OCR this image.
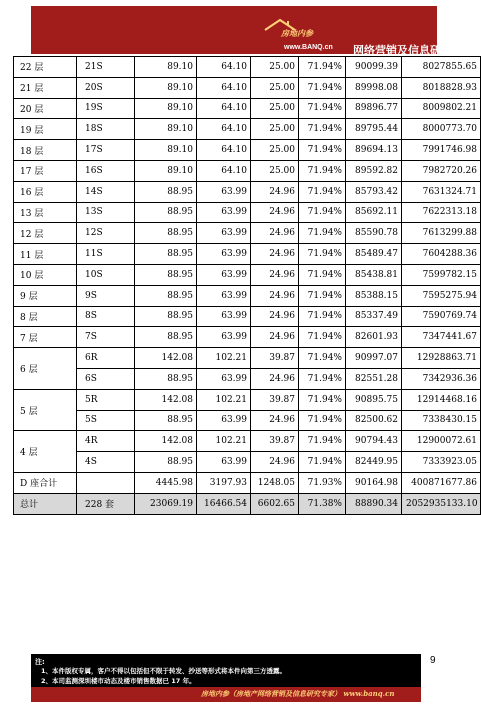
房地内参
www.BANQ.cn 网络营销及信息研究专家
22 层	21S	89.10	64.10	25.00	71.94%	90099.39	8027855.65
21 层	20S	89.10	64.10	25.00	71.94%	89998.08	8018828.93
20 层	19S	89.10	64.10	25.00	71.94%	89896.77	8009802.21
19 层	18S	89.10	64.10	25.00	71.94%	89795.44	8000773.70
18 层	17S	89.10	64.10	25.00	71.94%	89694.13	7991746.98
17 层	16S	89.10	64.10	25.00	71.94%	89592.82	7982720.26
16 层	14S	88.95	63.99	24.96	71.94%	85793.42	7631324.71
13 层	13S	88.95	63.99	24.96	71.94%	85692.11	7622313.18
12 层	12S	88.95	63.99	24.96	71.94%	85590.78	7613299.88
11 层	11S	88.95	63.99	24.96	71.94%	85489.47	7604288.36
10 层	10S	88.95	63.99	24.96	71.94%	85438.81	7599782.15
9 层	9S	88.95	63.99	24.96	71.94%	85388.15	7595275.94
8 层	8S	88.95	63.99	24.96	71.94%	85337.49	7590769.74
7 层	7S	88.95	63.99	24.96	71.94%	82601.93	7347441.67
6 层	6R	142.08	102.21	39.87	71.94%	90997.07	12928863.71
	6S	88.95	63.99	24.96	71.94%	82551.28	7342936.36
5 层	5R	142.08	102.21	39.87	71.94%	90895.75	12914468.16
	5S	88.95	63.99	24.96	71.94%	82500.62	7338430.15
4 层	4R	142.08	102.21	39.87	71.94%	90794.43	12900072.61
	4S	88.95	63.99	24.96	71.94%	82449.95	7333923.05
D 座合计		4445.98	3197.93	1248.05	71.93%	90164.98	400871677.86
总计	228 套	23069.19	16466.54	6602.65	71.38%	88890.34	2052935133.10
注:
1、本件版权专属，客户不得以包括但不限于转发、抄送等形式将本件向第三方透露。
2、本司监测深圳楼市动态及楼市销售数据已 17 年。
房地内参（房地产网络营销及信息研究专家） www.banq.cn
9
